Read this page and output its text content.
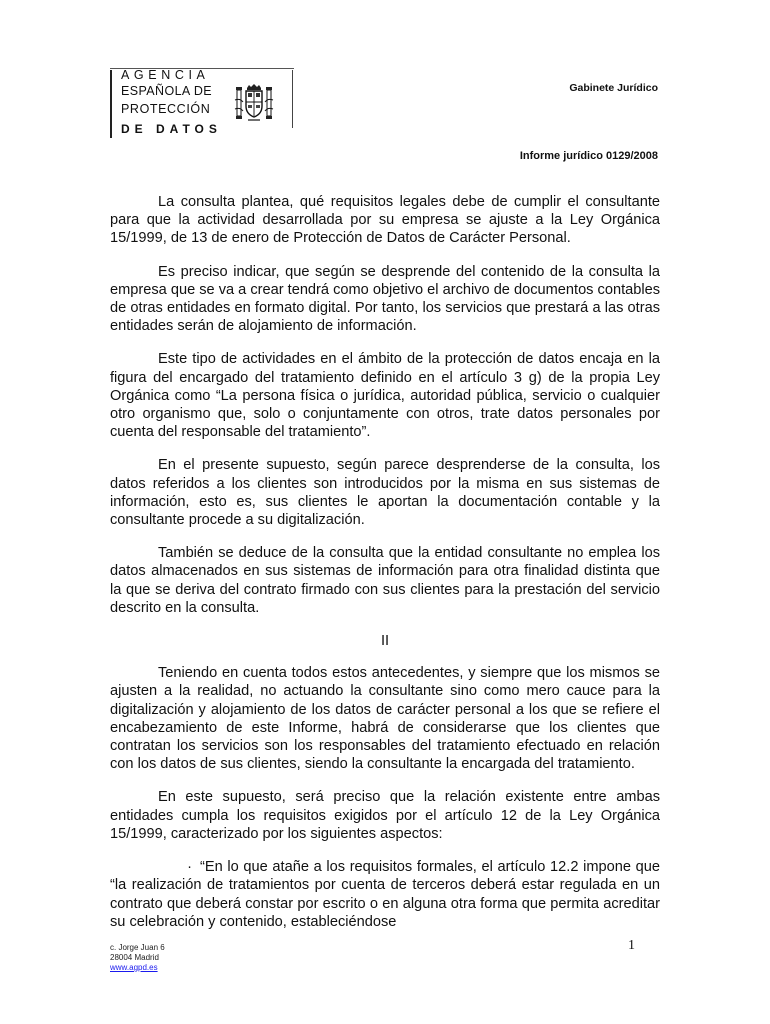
AGENCIA
ESPAÑOLA DE
PROTECCIÓN
DE DATOS
Gabinete Jurídico
Informe jurídico 0129/2008

La consulta plantea, qué requisitos legales debe de cumplir el consultante para que la actividad desarrollada por su empresa se ajuste a la Ley Orgánica 15/1999, de 13 de enero de Protección de Datos de Carácter Personal.

Es preciso indicar, que según se desprende del contenido de la consulta la empresa que se va a crear tendrá como objetivo el archivo de documentos contables de otras entidades en formato digital. Por tanto, los servicios que prestará a las otras entidades serán de alojamiento de información.

Este tipo de actividades en el ámbito de la protección de datos encaja en la figura del encargado del tratamiento definido en el artículo 3 g) de la propia Ley Orgánica como “La persona física o jurídica, autoridad pública, servicio o cualquier otro organismo que, solo o conjuntamente con otros, trate datos personales por cuenta del responsable del tratamiento”.

En el presente supuesto, según parece desprenderse de la consulta, los datos referidos a los clientes son introducidos por la misma en sus sistemas de información, esto es, sus clientes le aportan la documentación contable y la consultante procede a su digitalización.

También se deduce de la consulta que la entidad consultante no emplea los datos almacenados en sus sistemas de información para otra finalidad distinta que la que se deriva del contrato firmado con sus clientes para la prestación del servicio descrito en la consulta.

II

Teniendo en cuenta todos estos antecedentes, y siempre que los mismos se ajusten a la realidad, no actuando la consultante sino como mero cauce para la digitalización y alojamiento de los datos de carácter personal a los que se refiere el encabezamiento de este Informe, habrá de considerarse que los clientes que contratan los servicios son los responsables del tratamiento efectuado en relación con los datos de sus clientes, siendo la consultante la encargada del tratamiento.

En este supuesto, será preciso que la relación existente entre ambas entidades cumpla los requisitos exigidos por el artículo 12 de la Ley Orgánica 15/1999, caracterizado por los siguientes aspectos:

· “En lo que atañe a los requisitos formales, el artículo 12.2 impone que “la realización de tratamientos por cuenta de terceros deberá estar regulada en un contrato que deberá constar por escrito o en alguna otra forma que permita acreditar su celebración y contenido, estableciéndose

1
c. Jorge Juan 6
28004 Madrid
www.agpd.es
